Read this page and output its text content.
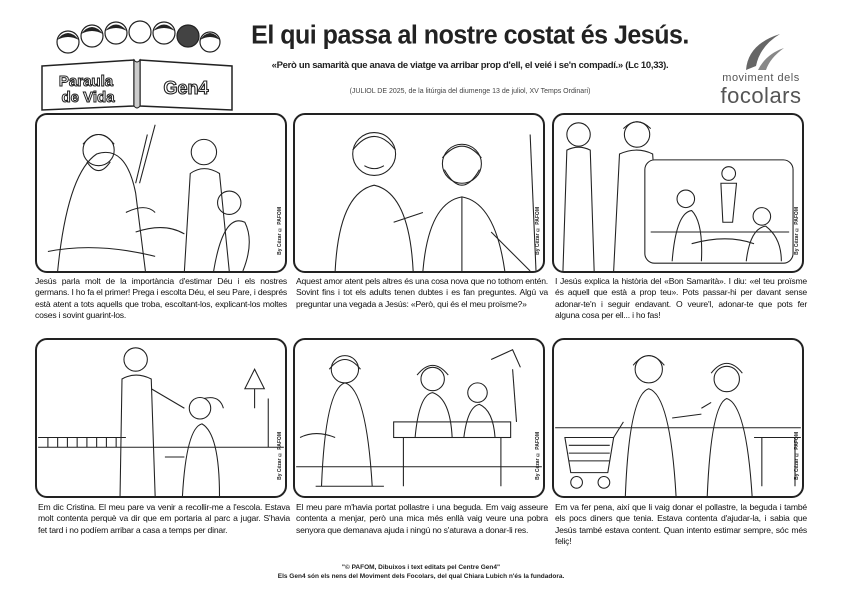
Paraula
de Vida	Gen4
El qui passa al nostre costat és Jesús.
«Però un samarità que anava de viatge va arribar prop d'ell, el veié i se'n compadí.» (Lc 10,33).
(JULIOL DE 2025, de la litúrgia del diumenge 13 de juliol, XV Temps Ordinari)
moviment dels
focolars
By Cézar © PAFOM
Jesús parla molt de la importància d'estimar Déu i els nostres germans. I ho fa el primer! Prega i escolta Déu, el seu Pare, i després està atent a tots aquells que troba, escoltant-los, explicant-los moltes coses i sovint guarint-los.
By Cézar © PAFOM
Aquest amor atent pels altres és una cosa nova que no tothom entén. Sovint fins i tot els adults tenen dubtes i es fan preguntes. Algú va preguntar una vegada a Jesús: «Però, qui és el meu proïsme?»
By Cézar © PAFOM
I Jesús explica la història del «Bon Samarità». I diu: «el teu proïsme és aquell que està a prop teu». Pots passar-hi per davant sense adonar-te'n i seguir endavant. O veure'l, adonar-te que pots fer alguna cosa per ell... i ho fas!
By Cézar © PAFOM
Em dic Cristina. El meu pare va venir a recollir-me a l'escola. Estava molt contenta perquè va dir que em portaria al parc a jugar. S'havia fet tard i no podíem arribar a casa a temps per dinar.
By Cézar © PAFOM
El meu pare m'havia portat pollastre i una beguda. Em vaig asseure contenta a menjar, però una mica més enllà vaig veure una pobra senyora que demanava ajuda i ningú no s'aturava a donar-li res.
By Cézar © PAFOM
Em va fer pena, així que li vaig donar el pollastre, la beguda i també els pocs diners que tenia. Estava contenta d'ajudar-la, i sabia que Jesús també estava content. Quan intento estimar sempre, sóc més feliç!
"© PAFOM, Dibuixos i text editats pel Centre Gen4"
Els Gen4 són els nens del Moviment dels Focolars, del qual Chiara Lubich n'és la fundadora.
